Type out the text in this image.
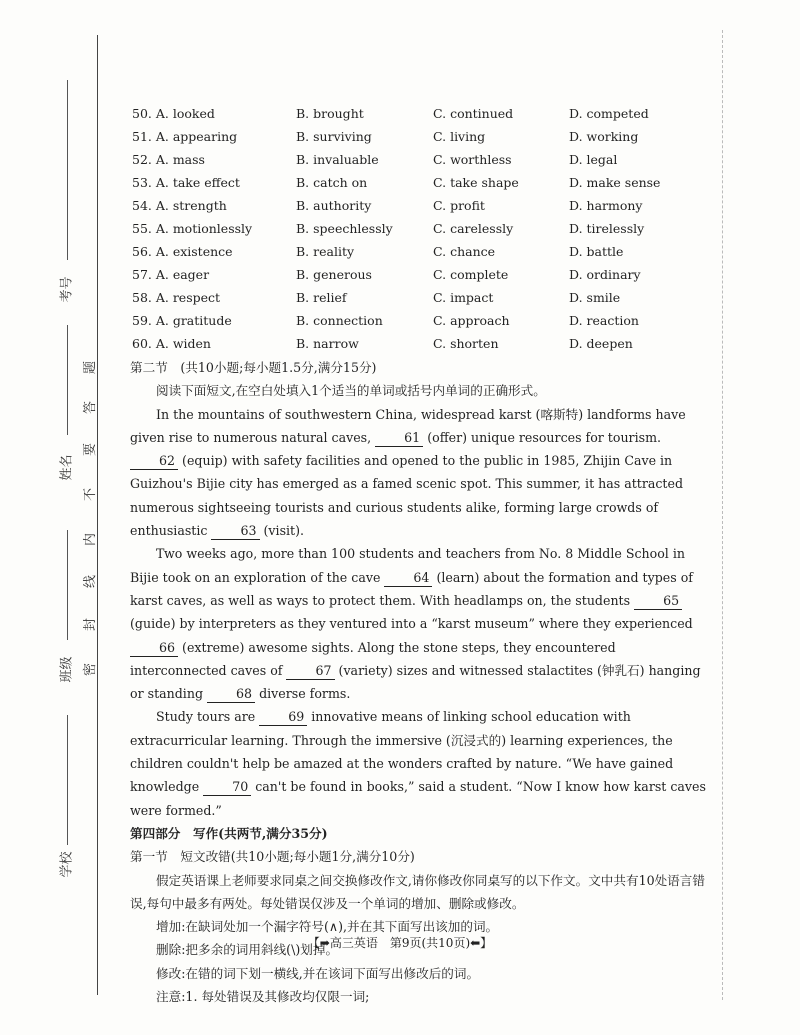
考号
姓名
班级
学校
题
答
要
不
内
线
封
密
50. A. looked	B. brought	C. continued	D. competed
51. A. appearing	B. surviving	C. living	D. working
52. A. mass	B. invaluable	C. worthless	D. legal
53. A. take effect	B. catch on	C. take shape	D. make sense
54. A. strength	B. authority	C. profit	D. harmony
55. A. motionlessly	B. speechlessly	C. carelessly	D. tirelessly
56. A. existence	B. reality	C. chance	D. battle
57. A. eager	B. generous	C. complete	D. ordinary
58. A. respect	B. relief	C. impact	D. smile
59. A. gratitude	B. connection	C. approach	D. reaction
60. A. widen	B. narrow	C. shorten	D. deepen

第二节　(共10小题;每小题1.5分,满分15分)

阅读下面短文,在空白处填入1个适当的单词或括号内单词的正确形式。

In the mountains of southwestern China, widespread karst (喀斯特) landforms have given rise to numerous natural caves,	61 (offer) unique resources for tourism. 62 (equip) with safety facilities and opened to the public in 1985, Zhijin Cave in Guizhou's Bijie city has emerged as a famed scenic spot. This summer, it has attracted numerous sightseeing tourists and curious students alike, forming large crowds of enthusiastic	63 (visit).

Two weeks ago, more than 100 students and teachers from No. 8 Middle School in Bijie took on an exploration of the cave	64 (learn) about the formation and types of karst caves, as well as ways to protect them. With headlamps on, the students	65 (guide) by interpreters as they ventured into a “karst museum” where they experienced 66 (extreme) awesome sights. Along the stone steps, they encountered interconnected caves of	67 (variety) sizes and witnessed stalactites (钟乳石) hanging or standing	68 diverse forms.

Study tours are	69 innovative means of linking school education with extracurricular learning. Through the immersive (沉浸式的) learning experiences, the children couldn't help be amazed at the wonders crafted by nature. “We have gained knowledge	70 can't be found in books,” said a student. “Now I know how karst caves were formed.”

第四部分　写作(共两节,满分35分)

第一节　短文改错(共10小题;每小题1分,满分10分)

假定英语课上老师要求同桌之间交换修改作文,请你修改你同桌写的以下作文。文中共有10处语言错误,每句中最多有两处。每处错误仅涉及一个单词的增加、删除或修改。

增加:在缺词处加一个漏字符号(∧),并在其下面写出该加的词。

删除:把多余的词用斜线(\)划掉。

修改:在错的词下划一横线,并在该词下面写出修改后的词。

注意:1. 每处错误及其修改均仅限一词;

【➡高三英语　第9页(共10页)⬅】
